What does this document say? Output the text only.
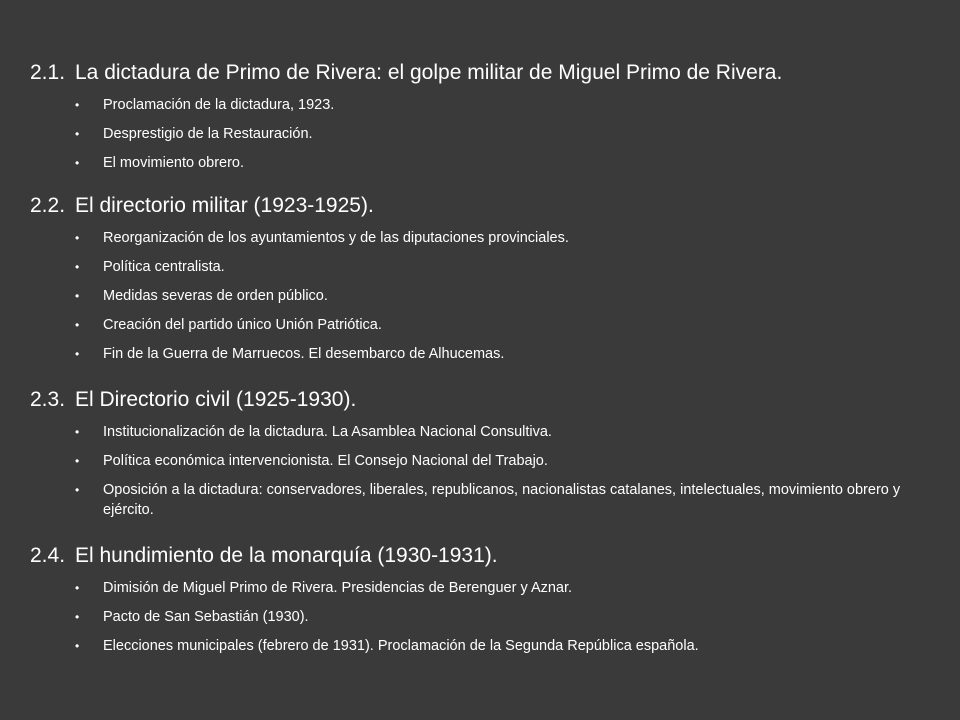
2.1. La dictadura de Primo de Rivera: el golpe militar de Miguel Primo de Rivera.
• Proclamación de la dictadura, 1923.
• Desprestigio de la Restauración.
• El movimiento obrero.
2.2. El directorio militar (1923-1925).
• Reorganización de los ayuntamientos y de las diputaciones provinciales.
• Política centralista.
• Medidas severas de orden público.
• Creación del partido único Unión Patriótica.
• Fin de la Guerra de Marruecos. El desembarco de Alhucemas.
2.3. El Directorio civil (1925-1930).
• Institucionalización de la dictadura. La Asamblea Nacional Consultiva.
• Política económica intervencionista. El Consejo Nacional del Trabajo.
• Oposición a la dictadura: conservadores, liberales, republicanos, nacionalistas catalanes, intelectuales, movimiento obrero y ejército.
2.4. El hundimiento de la monarquía (1930-1931).
• Dimisión de Miguel Primo de Rivera. Presidencias de Berenguer y Aznar.
• Pacto de San Sebastián (1930).
• Elecciones municipales (febrero de 1931). Proclamación de la Segunda República española.
